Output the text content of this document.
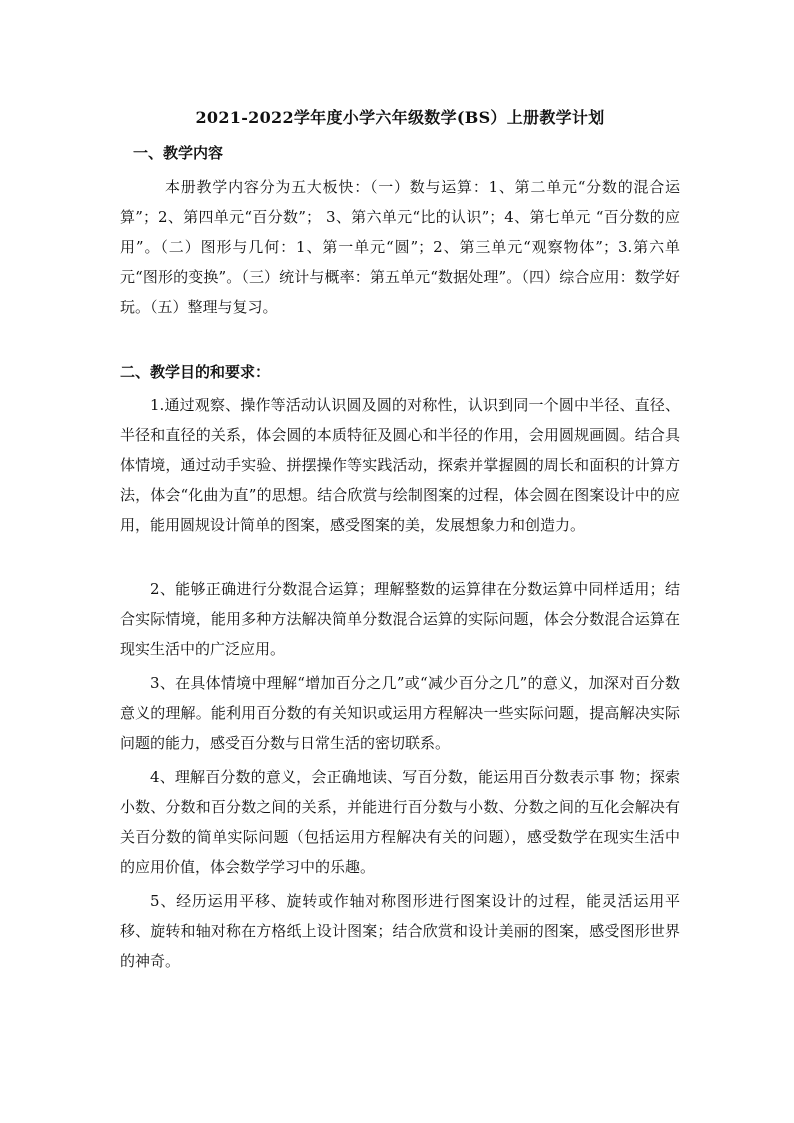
2021-2022学年度小学六年级数学(BS）上册教学计划
一、教学内容

本册教学内容分为五大板快：（一）数与运算：1、第二单元“分数的混合运算”；2、第四单元“百分数”； 3、第六单元“比的认识”；4、第七单元 “百分数的应用”。（二）图形与几何：1、第一单元“圆”；2、第三单元“观察物体”；3.第六单元“图形的变换”。（三）统计与概率：第五单元“数据处理”。（四）综合应用：数学好玩。（五）整理与复习。

二、教学目的和要求：

1.通过观察、操作等活动认识圆及圆的对称性，认识到同一个圆中半径、直径、半径和直径的关系，体会圆的本质特征及圆心和半径的作用，会用圆规画圆。结合具体情境，通过动手实验、拼摆操作等实践活动，探索并掌握圆的周长和面积的计算方法，体会“化曲为直”的思想。结合欣赏与绘制图案的过程，体会圆在图案设计中的应用，能用圆规设计简单的图案，感受图案的美，发展想象力和创造力。

2、能够正确进行分数混合运算；理解整数的运算律在分数运算中同样适用；结合实际情境，能用多种方法解决简单分数混合运算的实际问题，体会分数混合运算在现实生活中的广泛应用。

3、在具体情境中理解“增加百分之几”或“减少百分之几”的意义，加深对百分数意义的理解。能利用百分数的有关知识或运用方程解决一些实际问题，提高解决实际问题的能力，感受百分数与日常生活的密切联系。

4、理解百分数的意义，会正确地读、写百分数，能运用百分数表示事 物；探索小数、分数和百分数之间的关系，并能进行百分数与小数、分数之间的互化会解决有关百分数的简单实际问题（包括运用方程解决有关的问题），感受数学在现实生活中的应用价值，体会数学学习中的乐趣。

5、经历运用平移、旋转或作轴对称图形进行图案设计的过程，能灵活运用平移、旋转和轴对称在方格纸上设计图案；结合欣赏和设计美丽的图案，感受图形世界的神奇。
